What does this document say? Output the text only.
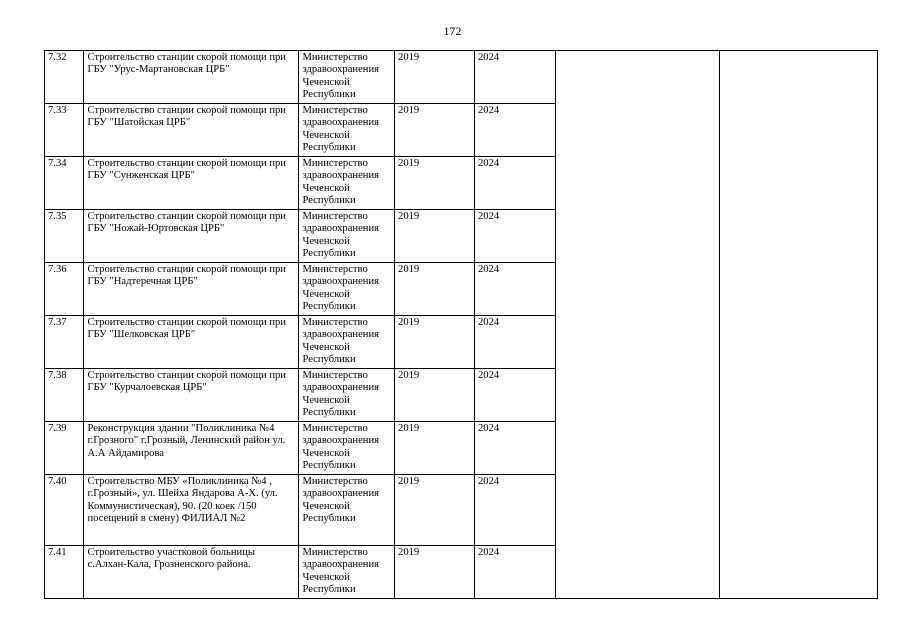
172
7.32	Строительство станции скорой помощи при ГБУ "Урус-Мартановская ЦРБ"	Министерство здравоохранения Чеченской Республики	2019	2024		
7.33	Строительство станции скорой помощи при ГБУ "Шатойская ЦРБ"	Министерство здравоохранения Чеченской Республики	2019	2024		
7.34	Строительство станции скорой помощи при ГБУ "Сунженская ЦРБ"	Министерство здравоохранения Чеченской Республики	2019	2024		
7.35	Строительство станции скорой помощи при ГБУ "Ножай-Юртовская ЦРБ"	Министерство здравоохранения Чеченской Республики	2019	2024		
7.36	Строительство станции скорой помощи при ГБУ "Надтеречная ЦРБ"	Министерство здравоохранения Чеченской Республики	2019	2024		
7.37	Строительство станции скорой помощи при ГБУ "Шелковская ЦРБ"	Министерство здравоохранения Чеченской Республики	2019	2024		
7.38	Строительство станции скорой помощи при ГБУ "Курчалоевская ЦРБ"	Министерство здравоохранения Чеченской Республики	2019	2024		
7.39	Реконструкция здании "Поликлиника №4 г.Грозного" г.Грозный, Ленинский район ул. А.А Айдамирова	Министерство здравоохранения Чеченской Республики	2019	2024		
7.40	Строительство МБУ «Поликлиника №4 , г.Грозный», ул. Шейха Яндарова А-Х. (ул. Коммунистическая), 90. (20 коек /150 посещений в смену) ФИЛИАЛ №2	Министерство здравоохранения Чеченской Республики	2019	2024		
7.41	Строительство участковой больницы с.Алхан-Кала, Грозненского района.	Министерство здравоохранения Чеченской Республики	2019	2024		
